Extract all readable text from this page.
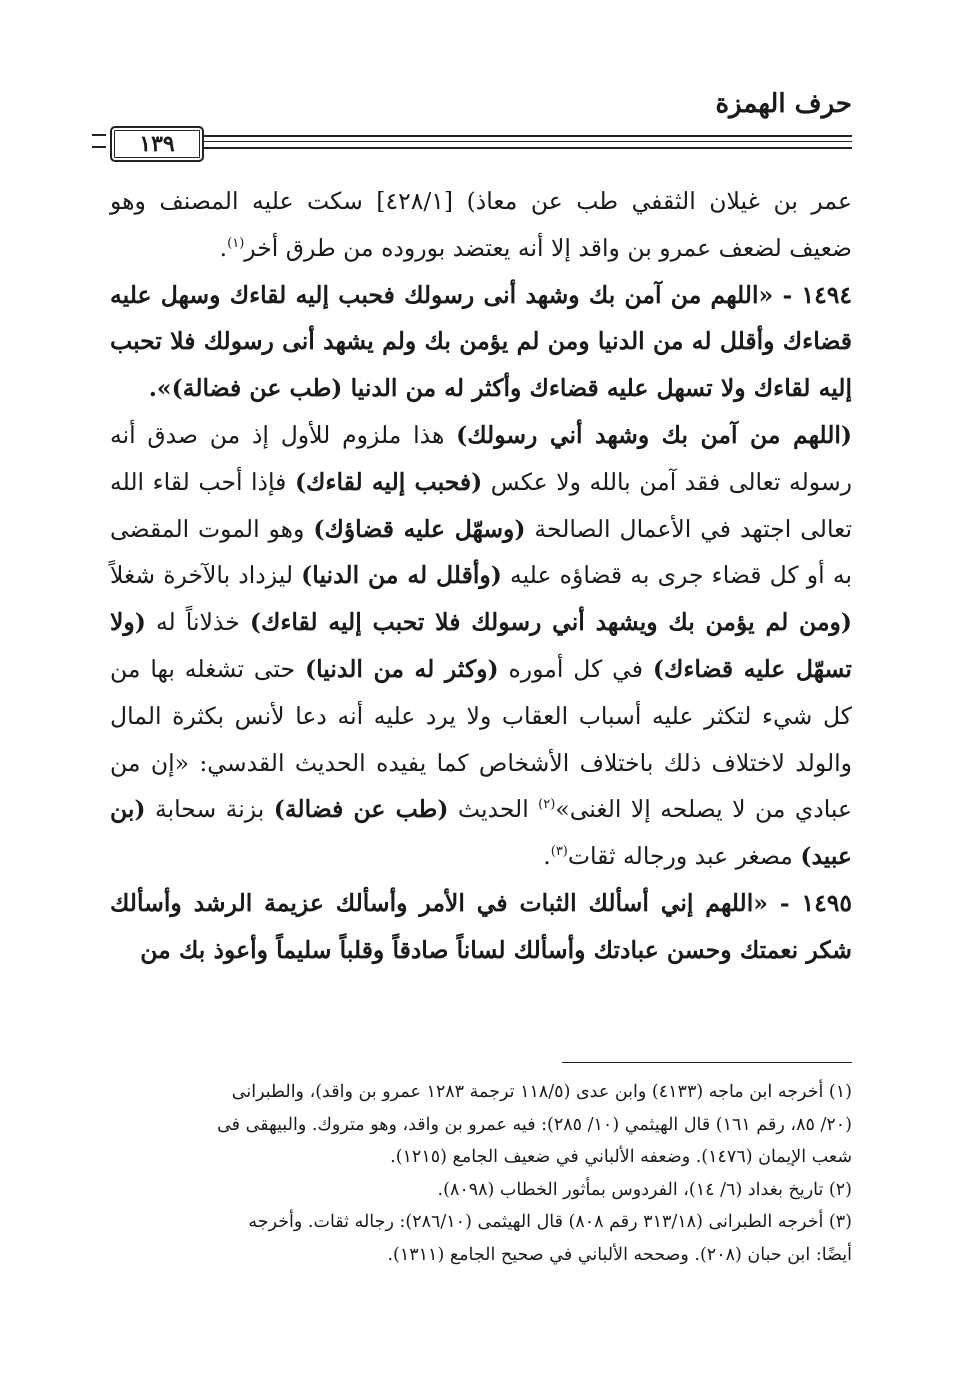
حرف الهمزة
١٣٩

عمر بن غيلان الثقفي طب عن معاذ) [٤٢٨/١] سكت عليه المصنف وهو ضعيف لضعف عمرو بن واقد إلا أنه يعتضد بوروده من طرق أخر$^{(١)}$.

١٤٩٤ - «اللهم من آمن بك وشهد أنى رسولك فحبب إليه لقاءك وسهل عليه قضاءك وأقلل له من الدنيا ومن لم يؤمن بك ولم يشهد أنى رسولك فلا تحبب إليه لقاءك ولا تسهل عليه قضاءك وأكثر له من الدنيا (طب عن فضالة)».

(اللهم من آمن بك وشهد أني رسولك) هذا ملزوم للأول إذ من صدق أنه رسوله تعالى فقد آمن بالله ولا عكس (فحبب إليه لقاءك) فإذا أحب لقاء الله تعالى اجتهد في الأعمال الصالحة (وسهّل عليه قضاؤك) وهو الموت المقضى به أو كل قضاء جرى به قضاؤه عليه (وأقلل له من الدنيا) ليزداد بالآخرة شغلاً (ومن لم يؤمن بك ويشهد أني رسولك فلا تحبب إليه لقاءك) خذلاناً له (ولا تسهّل عليه قضاءك) في كل أموره (وكثر له من الدنيا) حتى تشغله بها من كل شيء لتكثر عليه أسباب العقاب ولا يرد عليه أنه دعا لأنس بكثرة المال والولد لاختلاف ذلك باختلاف الأشخاص كما يفيده الحديث القدسي: «إن من عبادي من لا يصلحه إلا الغنى»$^{(٢)}$ الحديث (طب عن فضالة) بزنة سحابة (بن عبيد) مصغر عبد ورجاله ثقات$^{(٣)}$.

١٤٩٥ - «اللهم إني أسألك الثبات في الأمر وأسألك عزيمة الرشد وأسألك شكر نعمتك وحسن عبادتك وأسألك لساناً صادقاً وقلباً سليماً وأعوذ بك من

(١) أخرجه ابن ماجه (٤١٣٣) وابن عدى (١١٨/٥ ترجمة ١٢٨٣ عمرو بن واقد)، والطبرانى

(٢٠/ ٨٥، رقم ١٦١) قال الهيثمي (١٠/ ٢٨٥): فيه عمرو بن واقد، وهو متروك. والبيهقى فى

شعب الإيمان (١٤٧٦). وضعفه الألباني في ضعيف الجامع (١٢١٥).

(٢) تاريخ بغداد (٦/ ١٤)، الفردوس بمأثور الخطاب (٨٠٩٨).

(٣) أخرجه الطبرانى (٣١٣/١٨ رقم ٨٠٨) قال الهيثمى (٢٨٦/١٠): رجاله ثقات. وأخرجه

أيضًا: ابن حبان (٢٠٨). وصححه الألباني في صحيح الجامع (١٣١١).
